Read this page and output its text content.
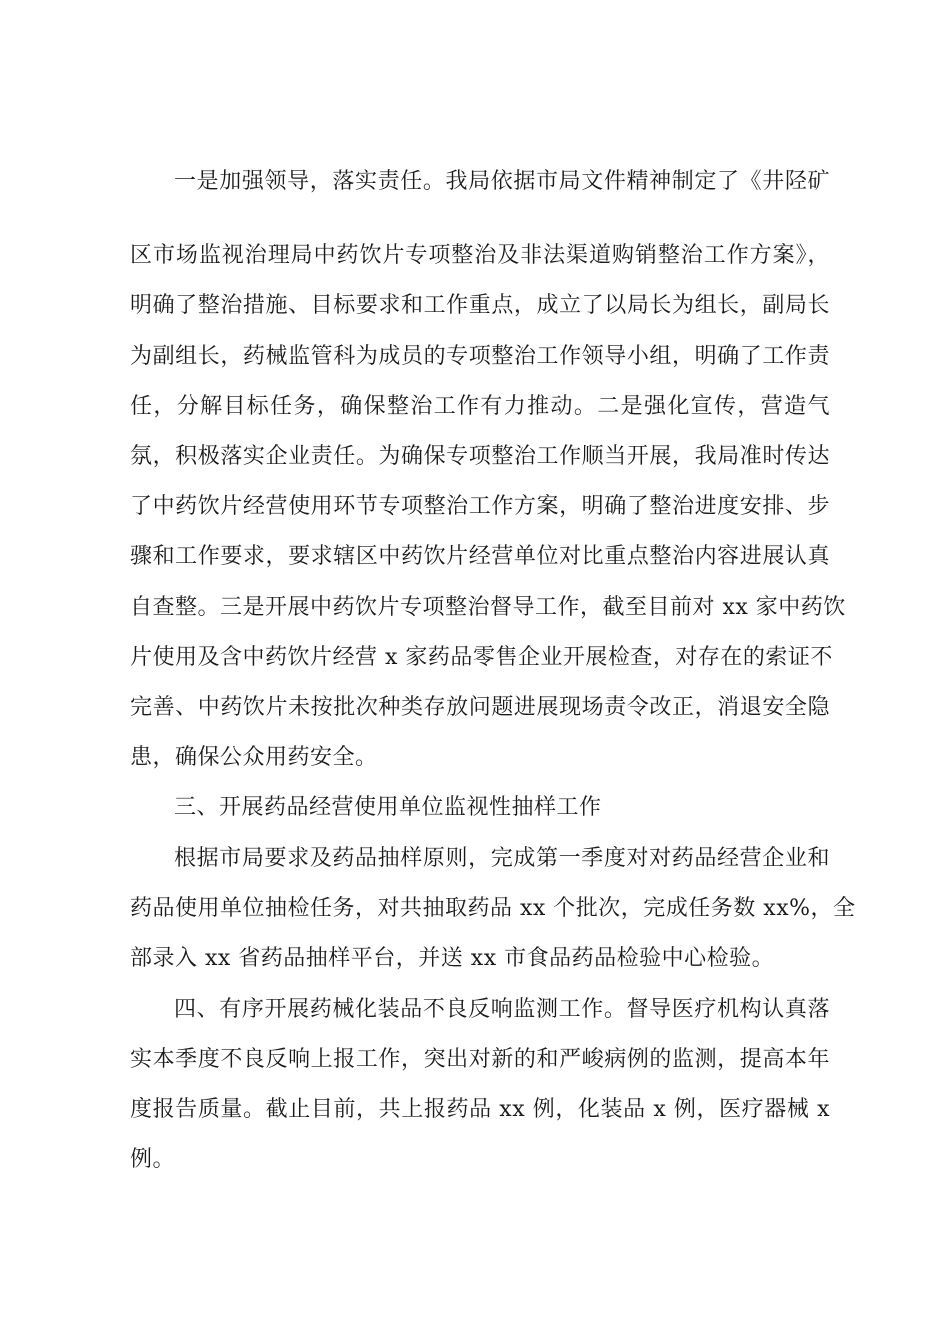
一是加强领导，落实责任。我局依据市局文件精神制定了《井陉矿
区市场监视治理局中药饮片专项整治及非法渠道购销整治工作方案》，
明确了整治措施、目标要求和工作重点，成立了以局长为组长，副局长
为副组长，药械监管科为成员的专项整治工作领导小组，明确了工作责
任，分解目标任务，确保整治工作有力推动。二是强化宣传，营造气
氛，积极落实企业责任。为确保专项整治工作顺当开展，我局准时传达
了中药饮片经营使用环节专项整治工作方案，明确了整治进度安排、步
骤和工作要求，要求辖区中药饮片经营单位对比重点整治内容进展认真
自查整。三是开展中药饮片专项整治督导工作，截至目前对 xx 家中药饮
片使用及含中药饮片经营 x 家药品零售企业开展检查，对存在的索证不
完善、中药饮片未按批次种类存放问题进展现场责令改正，消退安全隐
患，确保公众用药安全。
三、开展药品经营使用单位监视性抽样工作
根据市局要求及药品抽样原则，完成第一季度对对药品经营企业和
药品使用单位抽检任务，对共抽取药品 xx 个批次，完成任务数 xx%，全
部录入 xx 省药品抽样平台，并送 xx 市食品药品检验中心检验。
四、有序开展药械化装品不良反响监测工作。督导医疗机构认真落
实本季度不良反响上报工作，突出对新的和严峻病例的监测，提高本年
度报告质量。截止目前，共上报药品 xx 例，化装品 x 例，医疗器械 x
例。
